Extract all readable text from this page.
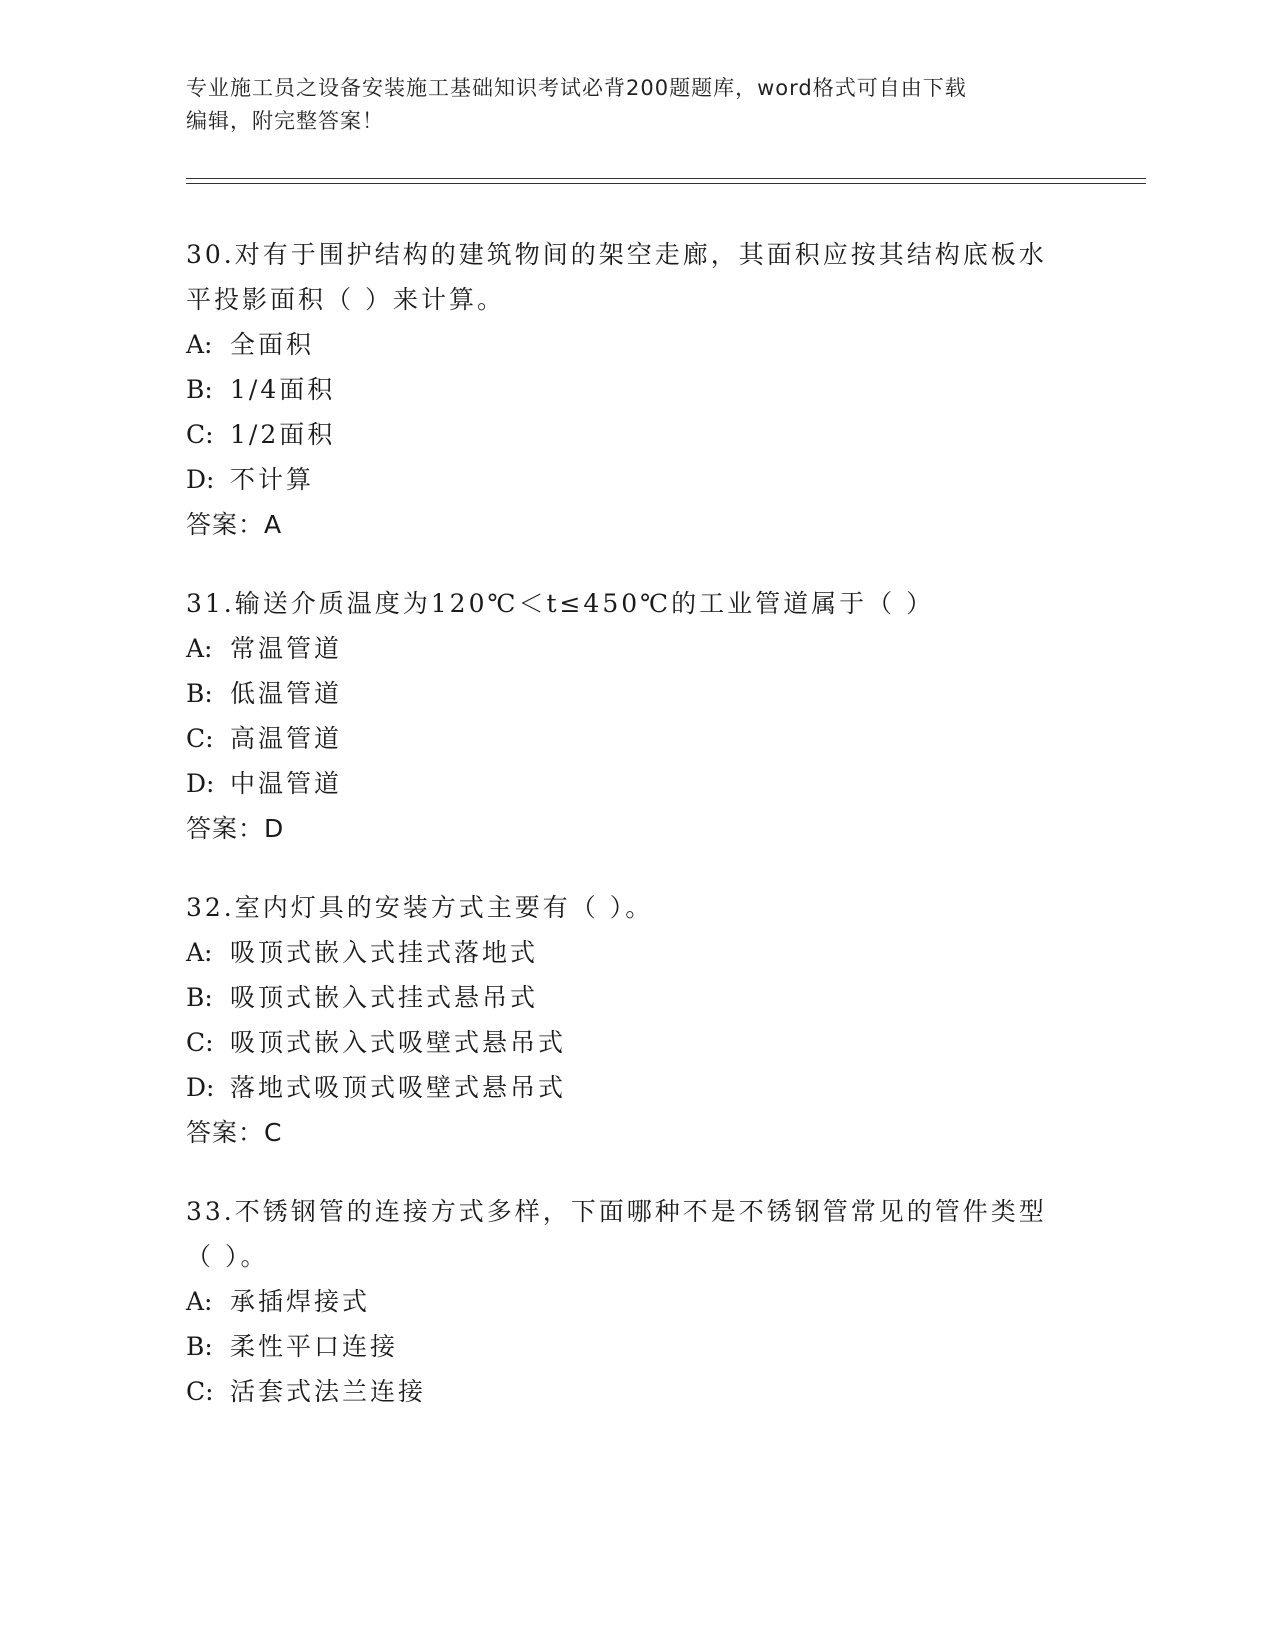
专业施工员之设备安装施工基础知识考试必背200题题库，word格式可自由下载
编辑，附完整答案！

30.对有于围护结构的建筑物间的架空走廊，其面积应按其结构底板水

平投影面积（ ）来计算。

A: 全面积

B: 1/4面积

C: 1/2面积

D: 不计算

答案：A

31.输送介质温度为120℃＜t≤450℃的工业管道属于（ ）

A: 常温管道

B: 低温管道

C: 高温管道

D: 中温管道

答案：D

32.室内灯具的安装方式主要有（ ）。

A: 吸顶式嵌入式挂式落地式

B: 吸顶式嵌入式挂式悬吊式

C: 吸顶式嵌入式吸壁式悬吊式

D: 落地式吸顶式吸壁式悬吊式

答案：C

33.不锈钢管的连接方式多样，下面哪种不是不锈钢管常见的管件类型

（ ）。

A: 承插焊接式

B: 柔性平口连接

C: 活套式法兰连接
